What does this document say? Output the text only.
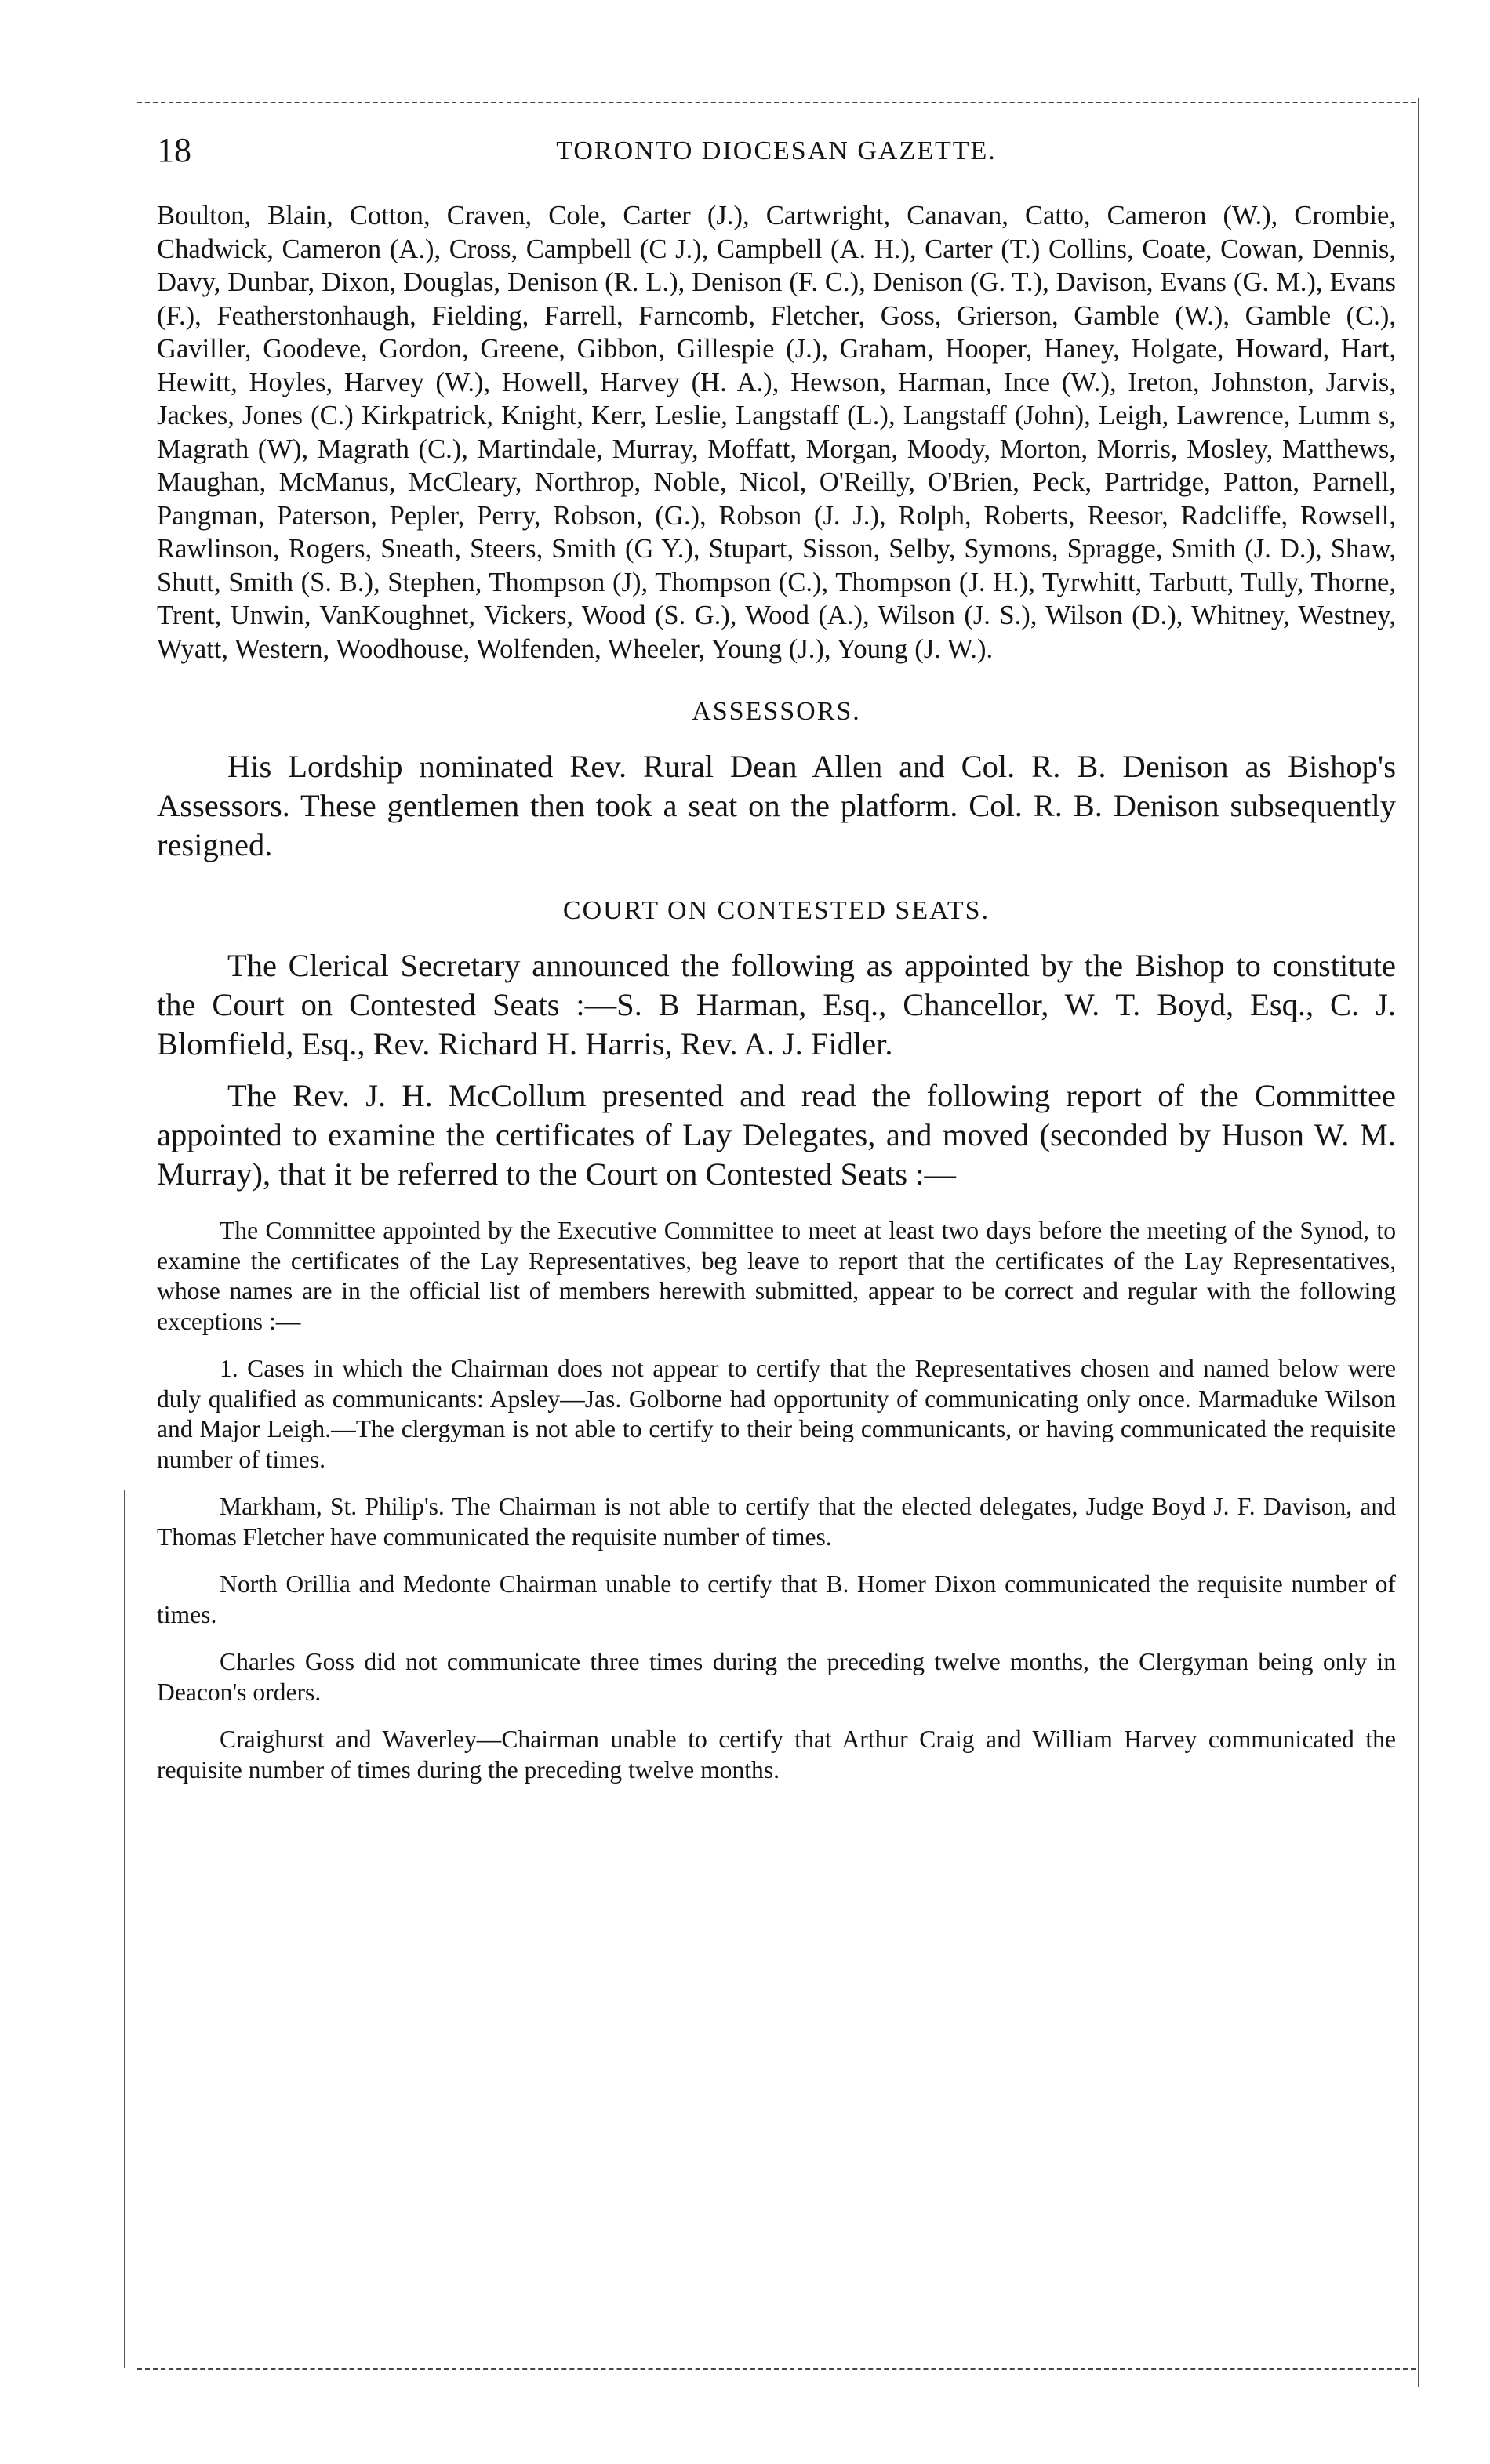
18	TORONTO DIOCESAN GAZETTE.

Boulton, Blain, Cotton, Craven, Cole, Carter (J.), Cartwright, Canavan, Catto, Cameron (W.), Crombie, Chadwick, Cameron (A.), Cross, Campbell (C J.), Campbell (A. H.), Carter (T.) Collins, Coate, Cowan, Dennis, Davy, Dunbar, Dixon, Douglas, Denison (R. L.), Denison (F. C.), Denison (G. T.), Davison, Evans (G. M.), Evans (F.), Featherstonhaugh, Fielding, Farrell, Farncomb, Fletcher, Goss, Grierson, Gamble (W.), Gamble (C.), Gaviller, Goodeve, Gordon, Greene, Gibbon, Gillespie (J.), Graham, Hooper, Haney, Holgate, Howard, Hart, Hewitt, Hoyles, Harvey (W.), Howell, Harvey (H. A.), Hewson, Harman, Ince (W.), Ireton, Johnston, Jarvis, Jackes, Jones (C.) Kirkpatrick, Knight, Kerr, Leslie, Langstaff (L.), Langstaff (John), Leigh, Lawrence, Lumm s, Magrath (W), Magrath (C.), Martindale, Murray, Moffatt, Morgan, Moody, Morton, Morris, Mosley, Matthews, Maughan, McManus, McCleary, Northrop, Noble, Nicol, O'Reilly, O'Brien, Peck, Partridge, Patton, Parnell, Pangman, Paterson, Pepler, Perry, Robson, (G.), Robson (J. J.), Rolph, Roberts, Reesor, Radcliffe, Rowsell, Rawlinson, Rogers, Sneath, Steers, Smith (G Y.), Stupart, Sisson, Selby, Symons, Spragge, Smith (J. D.), Shaw, Shutt, Smith (S. B.), Stephen, Thompson (J), Thompson (C.), Thompson (J. H.), Tyrwhitt, Tarbutt, Tully, Thorne, Trent, Unwin, VanKoughnet, Vickers, Wood (S. G.), Wood (A.), Wilson (J. S.), Wilson (D.), Whitney, Westney, Wyatt, Western, Woodhouse, Wolfenden, Wheeler, Young (J.), Young (J. W.).

ASSESSORS.

His Lordship nominated Rev. Rural Dean Allen and Col. R. B. Denison as Bishop's Assessors. These gentlemen then took a seat on the platform. Col. R. B. Denison subsequently resigned.

COURT ON CONTESTED SEATS.

The Clerical Secretary announced the following as appointed by the Bishop to constitute the Court on Contested Seats :—S. B Harman, Esq., Chancellor, W. T. Boyd, Esq., C. J. Blomfield, Esq., Rev. Richard H. Harris, Rev. A. J. Fidler.

The Rev. J. H. McCollum presented and read the following report of the Committee appointed to examine the certificates of Lay Delegates, and moved (seconded by Huson W. M. Murray), that it be referred to the Court on Contested Seats :—

The Committee appointed by the Executive Committee to meet at least two days before the meeting of the Synod, to examine the certificates of the Lay Representatives, beg leave to report that the certificates of the Lay Representatives, whose names are in the official list of members herewith submitted, appear to be correct and regular with the following exceptions :—

1. Cases in which the Chairman does not appear to certify that the Representatives chosen and named below were duly qualified as communicants: Apsley—Jas. Golborne had opportunity of communicating only once. Marmaduke Wilson and Major Leigh.—The clergyman is not able to certify to their being communicants, or having communicated the requisite number of times.

Markham, St. Philip's. The Chairman is not able to certify that the elected delegates, Judge Boyd J. F. Davison, and Thomas Fletcher have communicated the requisite number of times.

North Orillia and Medonte Chairman unable to certify that B. Homer Dixon communicated the requisite number of times.

Charles Goss did not communicate three times during the preceding twelve months, the Clergyman being only in Deacon's orders.

Craighurst and Waverley—Chairman unable to certify that Arthur Craig and William Harvey communicated the requisite number of times during the preceding twelve months.
